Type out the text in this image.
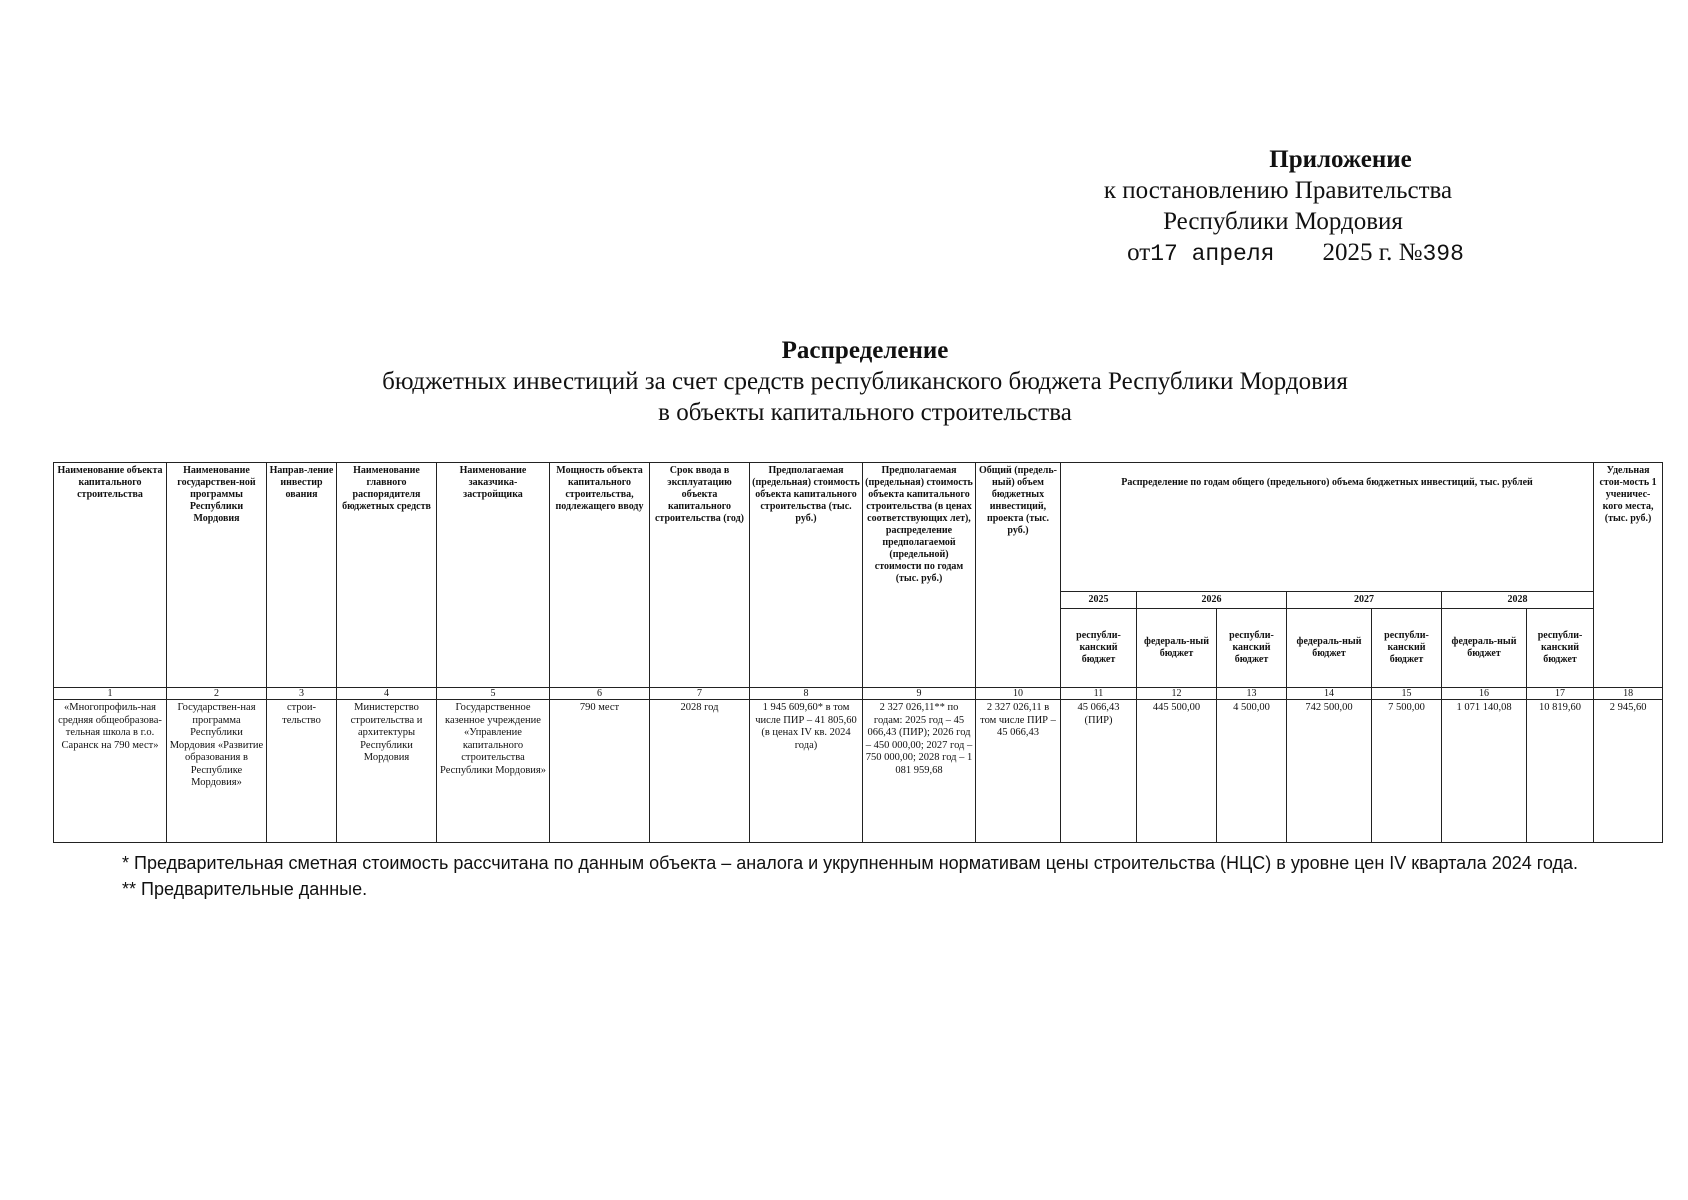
Приложение
к постановлению Правительства
Республики Мордовия
от17 апреля 2025 г. №398
Распределение
бюджетных инвестиций за счет средств республиканского бюджета Республики Мордовия
в объекты капитального строительства
Наименование объекта капитального строительства	Наименование государствен-ной программы Республики Мордовия	Направ-ление инвестир ования	Наименование главного распорядителя бюджетных средств	Наименование заказчика-застройщика	Мощность объекта капитального строительства, подлежащего вводу	Срок ввода в эксплуатацию объекта капитального строительства (год)	Предполагаемая (предельная) стоимость объекта капитального строительства (тыс. руб.)	Предполагаемая (предельная) стоимость объекта капитального строительства (в ценах соответствующих лет), распределение предполагаемой (предельной) стоимости по годам (тыс. руб.)	Общий (предель-ный) объем бюджетных инвестиций, проекта (тыс. руб.)	Распределение по годам общего (предельного) объема бюджетных инвестиций, тыс. рублей							Удельная стои-мость 1 ученичес-кого места, (тыс. руб.)
										2025	2026		2027		2028		
										республи-канский бюджет	федераль-ный бюджет	республи-канский бюджет	федераль-ный бюджет	республи-канский бюджет	федераль-ный бюджет	республи-канский бюджет	
1	2	3	4	5	6	7	8	9	10	11	12	13	14	15	16	17	18
«Многопрофиль-ная средняя общеобразова-тельная школа в г.о. Саранск на 790 мест»	Государствен-ная программа Республики Мордовия «Развитие образования в Республике Мордовия»	строи-тельство	Министерство строительства и архитектуры Республики Мордовия	Государственное казенное учреждение «Управление капитального строительства Республики Мордовия»	790 мест	2028 год	1 945 609,60* в том числе ПИР – 41 805,60 (в ценах IV кв. 2024 года)	2 327 026,11** по годам: 2025 год – 45 066,43 (ПИР); 2026 год – 450 000,00; 2027 год – 750 000,00; 2028 год – 1 081 959,68	2 327 026,11 в том числе ПИР – 45 066,43	45 066,43 (ПИР)	445 500,00	4 500,00	742 500,00	7 500,00	1 071 140,08	10 819,60	2 945,60
* Предварительная сметная стоимость рассчитана по данным объекта – аналога и укрупненным нормативам цены строительства (НЦС) в уровне цен IV квартала 2024 года.
** Предварительные данные.
